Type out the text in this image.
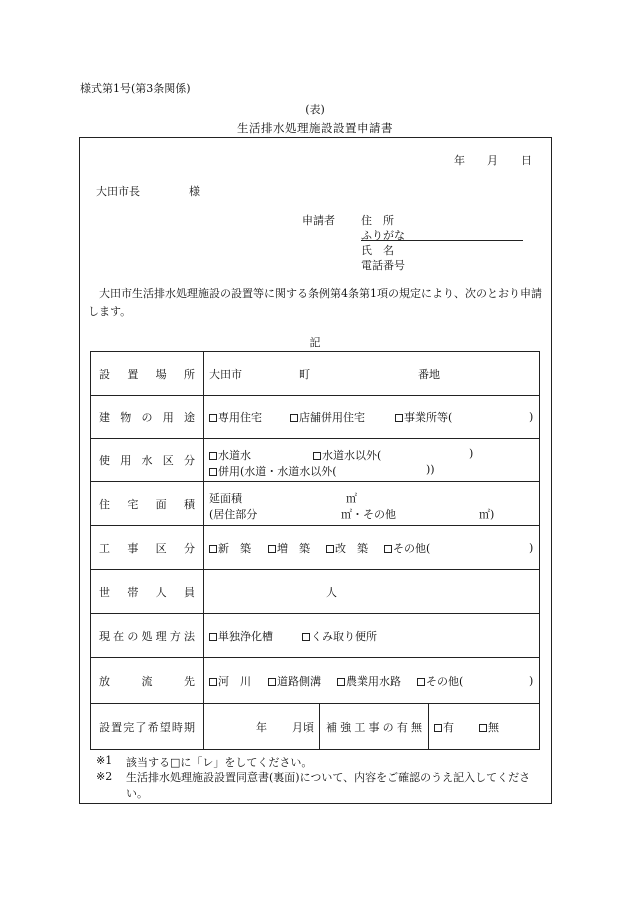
様式第1号(第3条関係)
(表)
生活排水処理施設設置申請書
年 月 日
大田市長	様
申請者 住　所
ふりがな
氏　名
電話番号
大田市生活排水処理施設の設置等に関する条例第4条第1項の規定により、次のとおり申請します。
記
設置場所	大田市 町 番地		

建物の用途	専用住宅 店舗併用住宅 事業所等( )		

使用水区分	水道水 水道水以外( )
併用(水道・水道水以外( ))		

住宅面積	延面積 ㎡
(居住部分 ㎡・その他 ㎡)		

工事区分	新　築 増　築 改　築 その他( )		

世帯人員	人		

現在の処理方法	単独浄化槽 くみ取り便所		

放流先	河　川 道路側溝 農業用水路 その他( )		

設置完了希望時期	年 月頃	補強工事の有無	有 無
※1 該当する□に「レ」をしてください。
※2 生活排水処理施設設置同意書(裏面)について、内容をご確認のうえ記入してください。
